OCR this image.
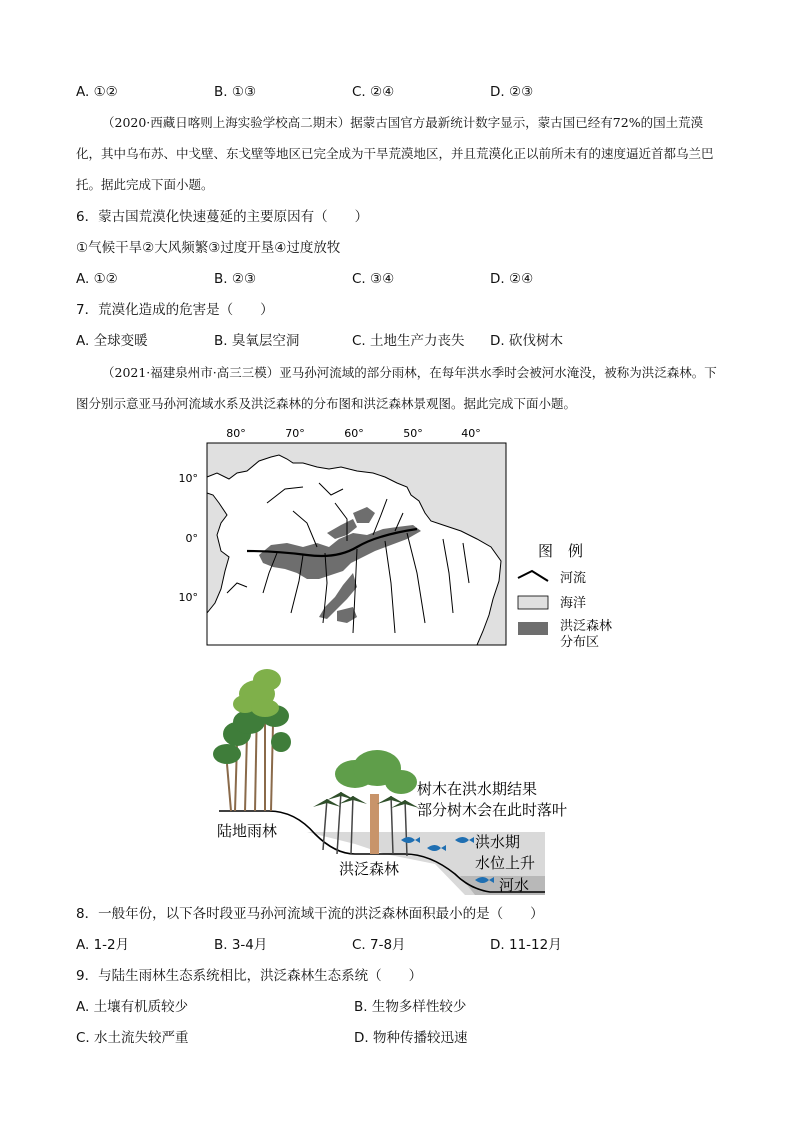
A. ①②	B. ①③	C. ②④	D. ②③
（2020·西藏日喀则上海实验学校高二期末）据蒙古国官方最新统计数字显示，蒙古国已经有72%的国土荒漠化，其中乌布苏、中戈壁、东戈壁等地区已完全成为干旱荒漠地区，并且荒漠化正以前所未有的速度逼近首都乌兰巴托。据此完成下面小题。
6．蒙古国荒漠化快速蔓延的主要原因有（　　）
①气候干旱②大风频繁③过度开垦④过度放牧
A. ①②	B. ②③	C. ③④	D. ②④
7．荒漠化造成的危害是（　　）
A. 全球变暖	B. 臭氧层空洞	C. 土地生产力丧失 D. 砍伐树木
（2021·福建泉州市·高三三模）亚马孙河流域的部分雨林，在每年洪水季时会被河水淹没，被称为洪泛森林。下图分别示意亚马孙河流域水系及洪泛森林的分布图和洪泛森林景观图。据此完成下面小题。
80°	70°	60°	50°	40°
10°
0°
10°
图　例
河流
海洋
洪泛森林
分布区
陆地雨林
洪泛森林
树木在洪水期结果
部分树木会在此时落叶
洪水期
水位上升
河水
8．一般年份，以下各时段亚马孙河流域干流的洪泛森林面积最小的是（　　）
A. 1-2月	B. 3-4月	C. 7-8月	D. 11-12月
9．与陆生雨林生态系统相比，洪泛森林生态系统（　　）
A. 土壤有机质较少	B. 生物多样性较少
C. 水土流失较严重	D. 物种传播较迅速
